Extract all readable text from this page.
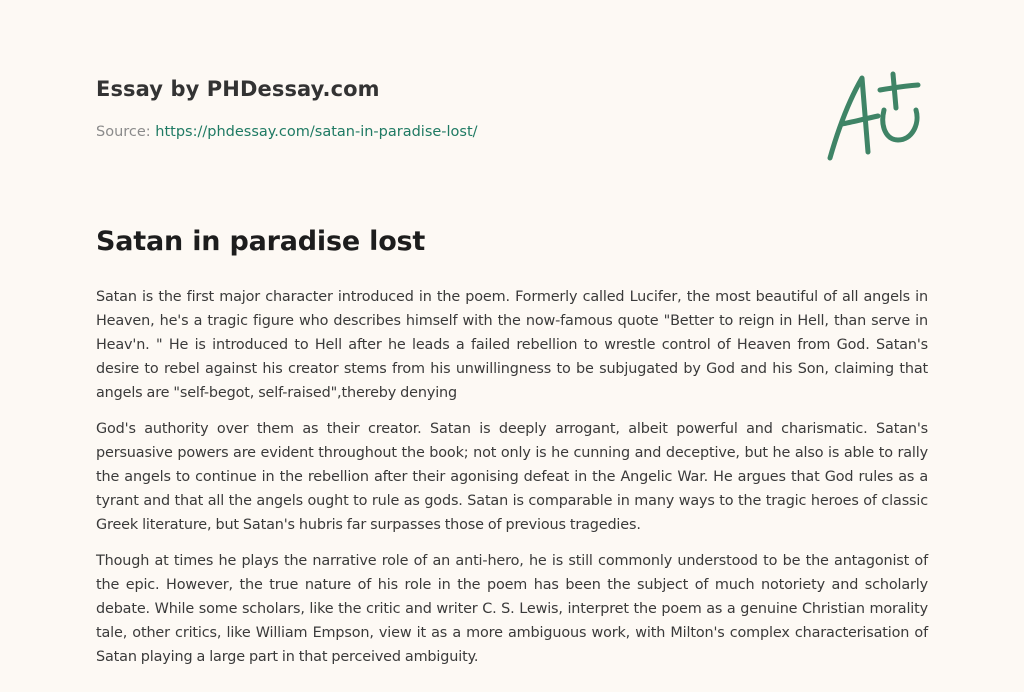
Essay by PHDessay.com
Source: https://phdessay.com/satan-in-paradise-lost/
Satan in paradise lost

Satan is the first major character introduced in the poem. Formerly called Lucifer, the most beautiful of all angels in Heaven, he's a tragic figure who describes himself with the now-famous quote "Better to reign in Hell, than serve in Heav'n. " He is introduced to Hell after he leads a failed rebellion to wrestle control of Heaven from God. Satan's desire to rebel against his creator stems from his unwillingness to be subjugated by God and his Son, claiming that angels are "self-begot, self-raised",thereby denying

God's authority over them as their creator. Satan is deeply arrogant, albeit powerful and charismatic. Satan's persuasive powers are evident throughout the book; not only is he cunning and deceptive, but he also is able to rally the angels to continue in the rebellion after their agonising defeat in the Angelic War. He argues that God rules as a tyrant and that all the angels ought to rule as gods. Satan is comparable in many ways to the tragic heroes of classic Greek literature, but Satan's hubris far surpasses those of previous tragedies.

Though at times he plays the narrative role of an anti-hero, he is still commonly understood to be the antagonist of the epic. However, the true nature of his role in the poem has been the subject of much notoriety and scholarly debate. While some scholars, like the critic and writer C. S. Lewis, interpret the poem as a genuine Christian morality tale, other critics, like William Empson, view it as a more ambiguous work, with Milton's complex characterisation of Satan playing a large part in that perceived ambiguity.
